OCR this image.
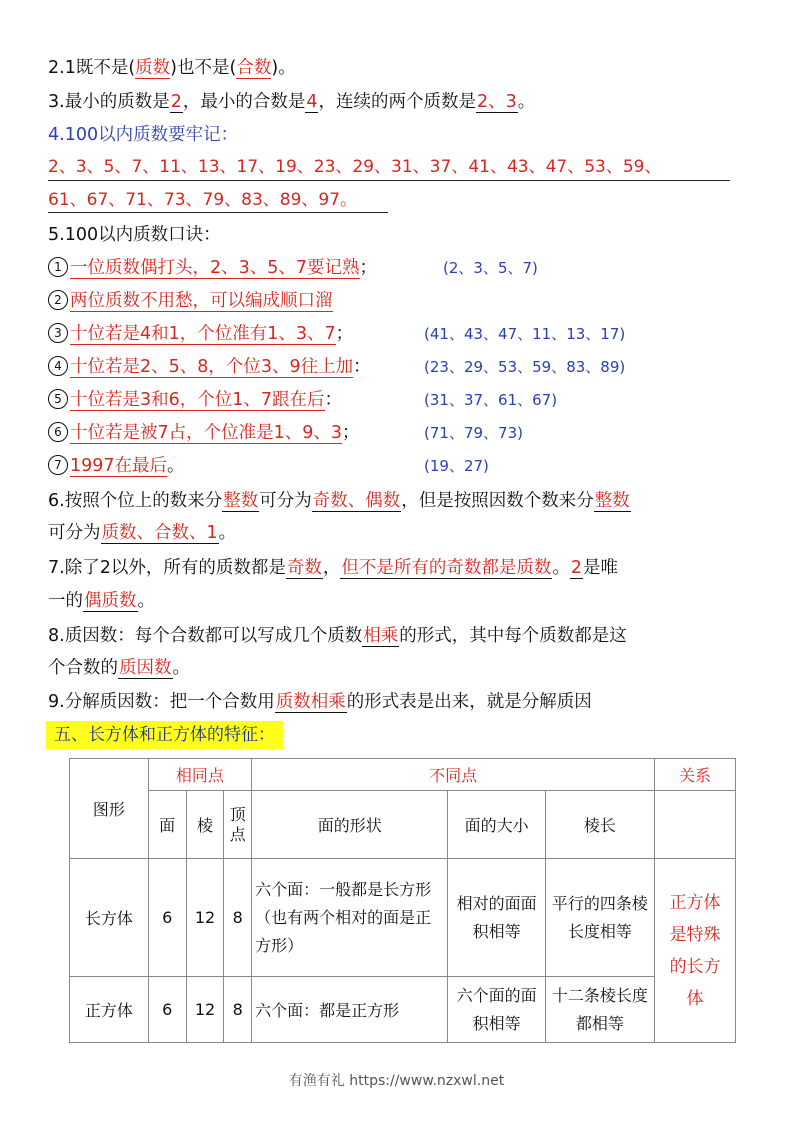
2.1既不是(质数)也不是(合数)。
3.最小的质数是2，最小的合数是4，连续的两个质数是2、3。
4.100以内质数要牢记：
2、3、5、7、11、13、17、19、23、29、31、37、41、43、47、53、59、
61、67、71、73、79、83、89、97。
5.100以内质数口诀：
1 一位质数偶打头，2、3、5、7要记熟；	(2、3、5、7)
2 两位质数不用愁，可以编成顺口溜
3 十位若是4和1，个位准有1、3、7；	(41、43、47、11、13、17)
4 十位若是2、5、8，个位3、9往上加：	(23、29、53、59、83、89)
5 十位若是3和6，个位1、7跟在后：	(31、37、61、67)
6 十位若是被7占，个位准是1、9、3；	(71、79、73)
7 1997在最后。	(19、27)
6.按照个位上的数来分整数可分为奇数、偶数，但是按照因数个数来分整数
可分为质数、合数、1。
7.除了2以外，所有的质数都是奇数，但不是所有的奇数都是质数。2是唯
一的偶质数。
8.质因数：每个合数都可以写成几个质数相乘的形式，其中每个质数都是这
个合数的质因数。
9.分解质因数：把一个合数用质数相乘的形式表是出来，就是分解质因
五、长方体和正方体的特征：
图形	相同点			不同点			关系
	面	棱	顶点	面的形状	面的大小	棱长	
长方体	6	12	8	六个面：一般都是长方形（也有两个相对的面是正方形）	相对的面面积相等	平行的四条棱长度相等	正方体是特殊的长方体
正方体	6	12	8	六个面：都是正方形	六个面的面积相等	十二条棱长度都相等	
有渔有礼 https://www.nzxwl.net
